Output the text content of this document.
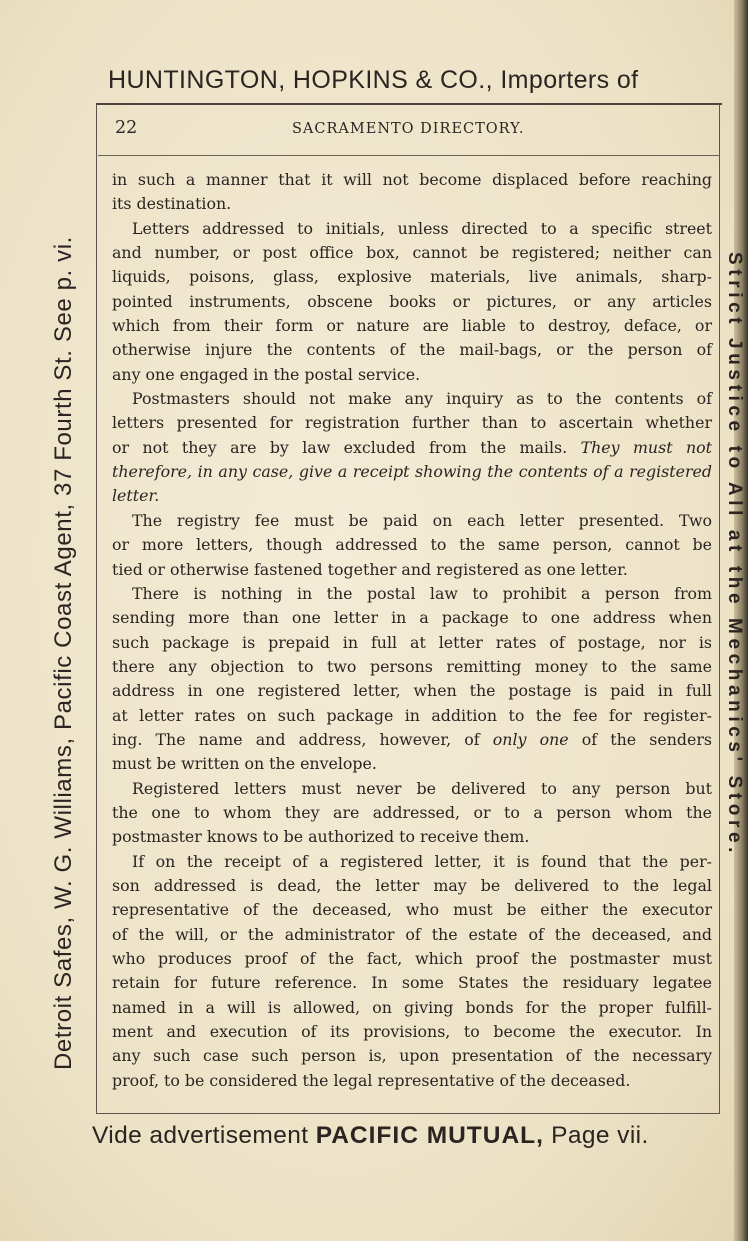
HUNTINGTON, HOPKINS & CO., Importers of
Detroit Safes, W. G. Williams, Pacific Coast Agent, 37 Fourth St. See p. vi.	Strict Justice to All at the Mechanics' Store.
22	SACRAMENTO DIRECTORY.
in such a manner that it will not become displaced before reaching
its destination.
Letters addressed to initials, unless directed to a specific street
and number, or post office box, cannot be registered; neither can
liquids, poisons, glass, explosive materials, live animals, sharp-
pointed instruments, obscene books or pictures, or any articles
which from their form or nature are liable to destroy, deface, or
otherwise injure the contents of the mail-bags, or the person of
any one engaged in the postal service.
Postmasters should not make any inquiry as to the contents of
letters presented for registration further than to ascertain whether
or not they are by law excluded from the mails. They must not
therefore, in any case, give a receipt showing the contents of a registered
letter.
The registry fee must be paid on each letter presented. Two
or more letters, though addressed to the same person, cannot be
tied or otherwise fastened together and registered as one letter.
There is nothing in the postal law to prohibit a person from
sending more than one letter in a package to one address when
such package is prepaid in full at letter rates of postage, nor is
there any objection to two persons remitting money to the same
address in one registered letter, when the postage is paid in full
at letter rates on such package in addition to the fee for register-
ing. The name and address, however, of only one of the senders
must be written on the envelope.
Registered letters must never be delivered to any person but
the one to whom they are addressed, or to a person whom the
postmaster knows to be authorized to receive them.
If on the receipt of a registered letter, it is found that the per-
son addressed is dead, the letter may be delivered to the legal
representative of the deceased, who must be either the executor
of the will, or the administrator of the estate of the deceased, and
who produces proof of the fact, which proof the postmaster must
retain for future reference. In some States the residuary legatee
named in a will is allowed, on giving bonds for the proper fulfill-
ment and execution of its provisions, to become the executor. In
any such case such person is, upon presentation of the necessary
proof, to be considered the legal representative of the deceased.
Vide advertisement PACIFIC MUTUAL, Page vii.
